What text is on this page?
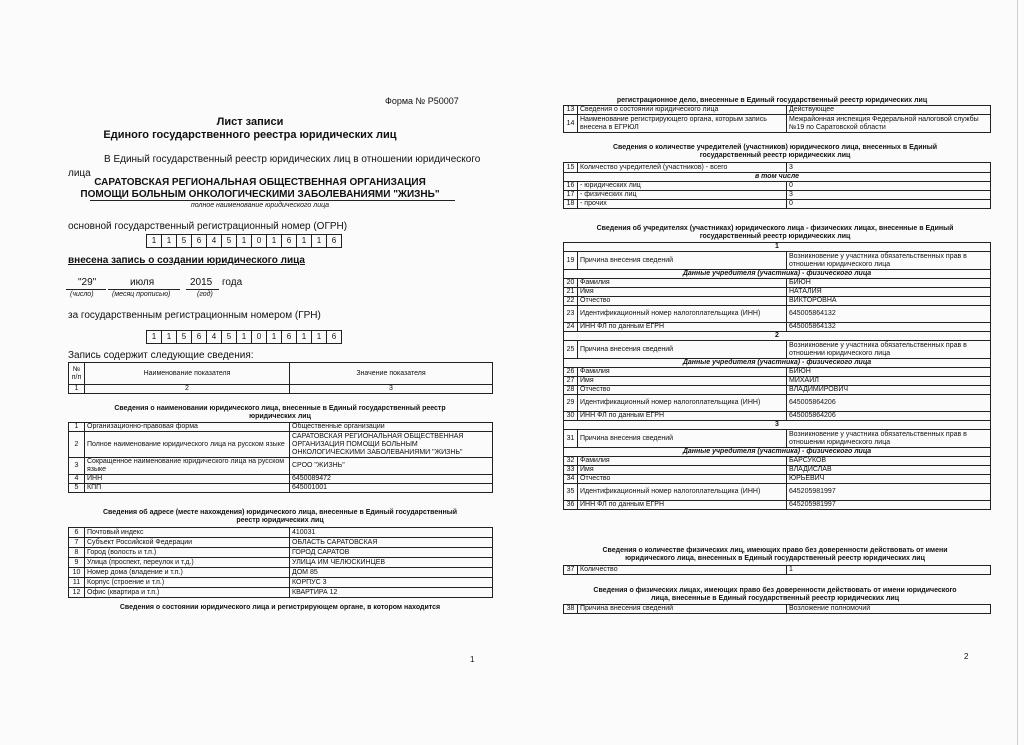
Форма № Р50007
Лист записи
Единого государственного реестра юридических лиц
В Единый государственный реестр юридических лиц в отношении юридического
лица
САРАТОВСКАЯ РЕГИОНАЛЬНАЯ ОБЩЕСТВЕННАЯ ОРГАНИЗАЦИЯ
ПОМОЩИ БОЛЬНЫМ ОНКОЛОГИЧЕСКИМИ ЗАБОЛЕВАНИЯМИ "ЖИЗНЬ"
полное наименование юридического лица
основной государственный регистрационный номер (ОГРН)
1	1	5	6	4	5	1	0	1	6	1	1	6
внесена запись о создании юридического лица
"29"	июля	2015 года
(число)	(месяц прописью)	(год)
за государственным регистрационным номером (ГРН)
1	1	5	6	4	5	1	0	1	6	1	1	6
Запись содержит следующие сведения:
№ п/п	Наименование показателя	Значение показателя
1	2	3
Сведения о наименовании юридического лица, внесенные в Единый государственный реестр
юридических лиц
1	Организационно-правовая форма	Общественные организации
2	Полное наименование юридического лица на русском языке	САРАТОВСКАЯ РЕГИОНАЛЬНАЯ ОБЩЕСТВЕННАЯ ОРГАНИЗАЦИЯ ПОМОЩИ БОЛЬНЫМ ОНКОЛОГИЧЕСКИМИ ЗАБОЛЕВАНИЯМИ "ЖИЗНЬ"
3	Сокращенное наименование юридического лица на русском языке	СРОО "ЖИЗНЬ"
4	ИНН	6450089472
5	КПП	645001001
Сведения об адресе (месте нахождения) юридического лица, внесенные в Единый государственный
реестр юридических лиц
6	Почтовый индекс	410031
7	Субъект Российской Федерации	ОБЛАСТЬ САРАТОВСКАЯ
8	Город (волость и т.п.)	ГОРОД САРАТОВ
9	Улица (проспект, переулок и т.д.)	УЛИЦА ИМ ЧЕЛЮСКИНЦЕВ
10	Номер дома (владение и т.п.)	ДОМ 85
11	Корпус (строение и т.п.)	КОРПУС 3
12	Офис (квартира и т.п.)	КВАРТИРА 12
Сведения о состоянии юридического лица и регистрирующем органе, в котором находится
1
регистрационное дело, внесенные в Единый государственный реестр юридических лиц
13	Сведения о состоянии юридического лица	Действующее
14	Наименование регистрирующего органа, которым запись внесена в ЕГРЮЛ	Межрайонная инспекция Федеральной налоговой службы №19 по Саратовской области
Сведения о количестве учредителей (участников) юридического лица, внесенных в Единый
государственный реестр юридических лиц
15	Количество учредителей (участников) - всего	3
в том числе		
16	- юридических лиц	0
17	- физических лиц	3
18	- прочих	0
Сведения об учредителях (участниках) юридического лица - физических лицах, внесенные в Единый
государственный реестр юридических лиц
1		
19	Причина внесения сведений	Возникновение у участника обязательственных прав в отношении юридического лица
Данные учредителя (участника) - физического лица		
20	Фамилия	БИЮН
21	Имя	НАТАЛИЯ
22	Отчество	ВИКТОРОВНА
23	Идентификационный номер налогоплательщика (ИНН)	645005864132
24	ИНН ФЛ по данным ЕГРН	645005864132
2		
25	Причина внесения сведений	Возникновение у участника обязательственных прав в отношении юридического лица
Данные учредителя (участника) - физического лица		
26	Фамилия	БИЮН
27	Имя	МИХАИЛ
28	Отчество	ВЛАДИМИРОВИЧ
29	Идентификационный номер налогоплательщика (ИНН)	645005864206
30	ИНН ФЛ по данным ЕГРН	645005864206
3		
31	Причина внесения сведений	Возникновение у участника обязательственных прав в отношении юридического лица
Данные учредителя (участника) - физического лица		
32	Фамилия	БАРСУКОВ
33	Имя	ВЛАДИСЛАВ
34	Отчество	ЮРЬЕВИЧ
35	Идентификационный номер налогоплательщика (ИНН)	645205981997
36	ИНН ФЛ по данным ЕГРН	645205981997
Сведения о количестве физических лиц, имеющих право без доверенности действовать от имени
юридического лица, внесенных в Единый государственный реестр юридических лиц
37	Количество	1
Сведения о физических лицах, имеющих право без доверенности действовать от имени юридического
лица, внесенные в Единый государственный реестр юридических лиц
38	Причина внесения сведений	Возложение полномочий
2
